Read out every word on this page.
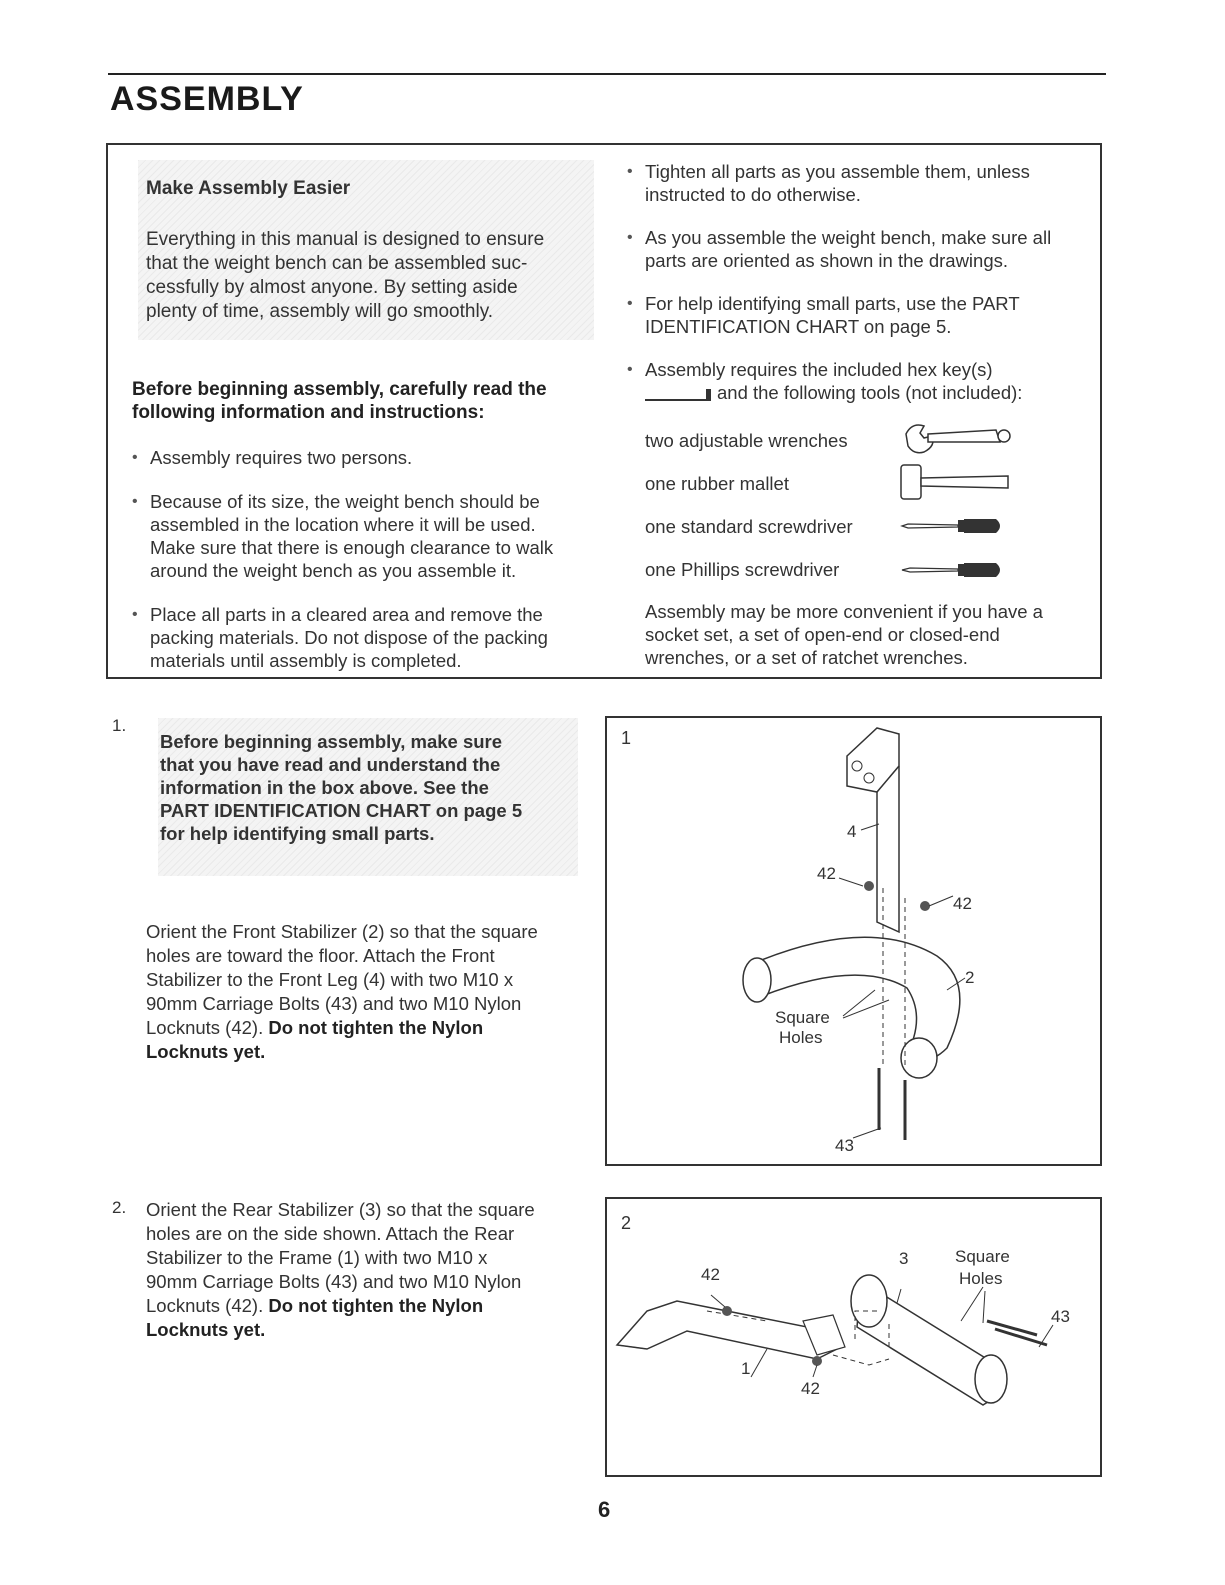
ASSEMBLY
Make Assembly Easier
Everything in this manual is designed to ensure
that the weight bench can be assembled suc-
cessfully by almost anyone. By setting aside
plenty of time, assembly will go smoothly.
Before beginning assembly, carefully read the
following information and instructions:
• Assembly requires two persons.
• Because of its size, the weight bench should be
assembled in the location where it will be used.
Make sure that there is enough clearance to walk
around the weight bench as you assemble it.
• Place all parts in a cleared area and remove the
packing materials. Do not dispose of the packing
materials until assembly is completed.
• Tighten all parts as you assemble them, unless
instructed to do otherwise.
• As you assemble the weight bench, make sure all
parts are oriented as shown in the drawings.
• For help identifying small parts, use the PART
IDENTIFICATION CHART on page 5.
• Assembly requires the included hex key(s)
and the following tools (not included):
two adjustable wrenches
one rubber mallet
one standard screwdriver
one Phillips screwdriver
Assembly may be more convenient if you have a
socket set, a set of open-end or closed-end
wrenches, or a set of ratchet wrenches.
1.
Before beginning assembly, make sure
that you have read and understand the
information in the box above. See the
PART IDENTIFICATION CHART on page 5
for help identifying small parts.
Orient the Front Stabilizer (2) so that the square
holes are toward the floor. Attach the Front
Stabilizer to the Front Leg (4) with two M10 x
90mm Carriage Bolts (43) and two M10 Nylon
Locknuts (42). Do not tighten the Nylon
Locknuts yet.
1
4
42
42
2
Square
Holes
43
2. Orient the Rear Stabilizer (3) so that the square
holes are on the side shown. Attach the Rear
Stabilizer to the Frame (1) with two M10 x
90mm Carriage Bolts (43) and two M10 Nylon
Locknuts (42). Do not tighten the Nylon
Locknuts yet.
2
42
3	Square
Holes
43
1
42
6
